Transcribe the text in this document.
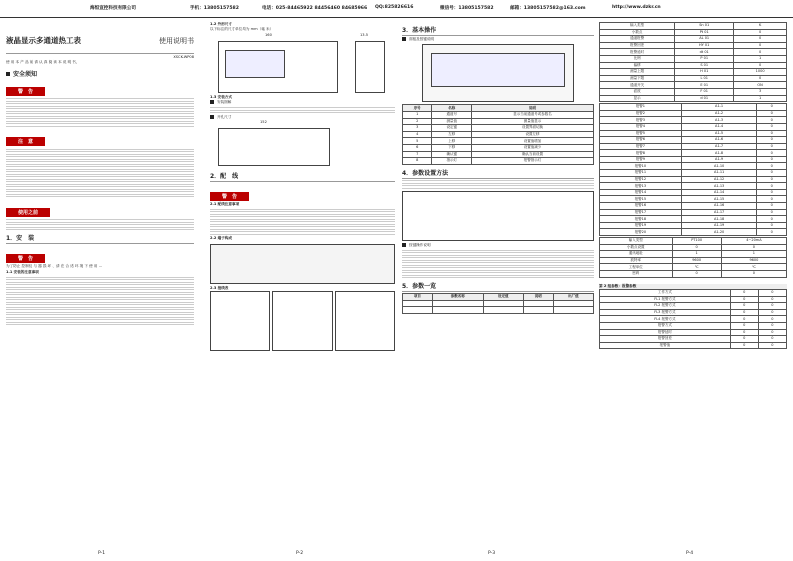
海恒宣控科技有限公司	手机：13805157582	电话：025-84465922 84456460 84685966 QQ:825826616	微信号：13805157582	邮箱：13805157582@163.com	http://www.dzkr.cn
液晶显示多通道热工表	使用说明书
XSCK-WP08
使 用 本 产 品 前 请 认 真 阅 读 本 说 明 书，
安全须知
警　告
注　意
使用之前
1．安　装
警　告
为了防止 控制仪 与 器 损 坏 、请 在 合 适 环 境 下 使 用 ...
1.1 安装的注意事项
1.2 外形尺寸
以下标注的尺寸单位均为 mm（毫 米）
160	13.5
1.3 安装方式
安装图解
开孔尺寸
152
2．配　线
警　告
2.1 配线注意事项
2.2 端子构成
2.3 接线表
3．基本操作
面板及按键说明
序号	名称	说明
1	通道号	显示当前通道号或参数名
2	测量值	测量值显示
3	设定键	设置界面切换
4	左移	设置左移
5	上移	设置值增加
6	下移	设置值减少
7	确认键	确认当前设置
8	指示灯	报警指示灯
4．参数设置方法
按键操作说明
5．参数一览
项目	参数名称	设定值	说明	出厂值

输入类型	Sn 01	K
小数点	Pt 01	0
通道报警	AL 01	0
报警回差	HY 01	0
报警延时	dt 01	0
比例	P 01	1
偏移	S 01	0
测量上限	H 01	1000
测量下限	L 01	0
通道开关	E 01	ON
滤波	F 01	3
显示	d 01	1
报警1	A1-1	0
报警2	A1-2	0
报警3	A1-3	0
报警4	A1-4	0
报警5	A1-5	0
报警6	A1-6	0
报警7	A1-7	0
报警8	A1-8	0
报警9	A1-9	0
报警10	A1-10	0
报警11	A1-11	0
报警12	A1-12	0
报警13	A1-13	0
报警14	A1-14	0
报警15	A1-15	0
报警16	A1-16	0
报警17	A1-17	0
报警18	A1-18	0
报警19	A1-19	0
报警20	A1-20	0
输入类型	PT100	4~20mA
小数点设置	0	0
通讯地址	1	1
波特率	9600	9600
工程单位	℃	℃
密码	0	0
第 2 组参数：报警参数
工作方式	0	0
FL1 报警方式	0	0
FL2 报警方式	0	0
FL3 报警方式	0	0
FL4 报警方式	0	0
报警方式	0	0
报警延时	0	0
报警回差	0	0
报警值	0	0
P-1	P-2	P-3	P-4
